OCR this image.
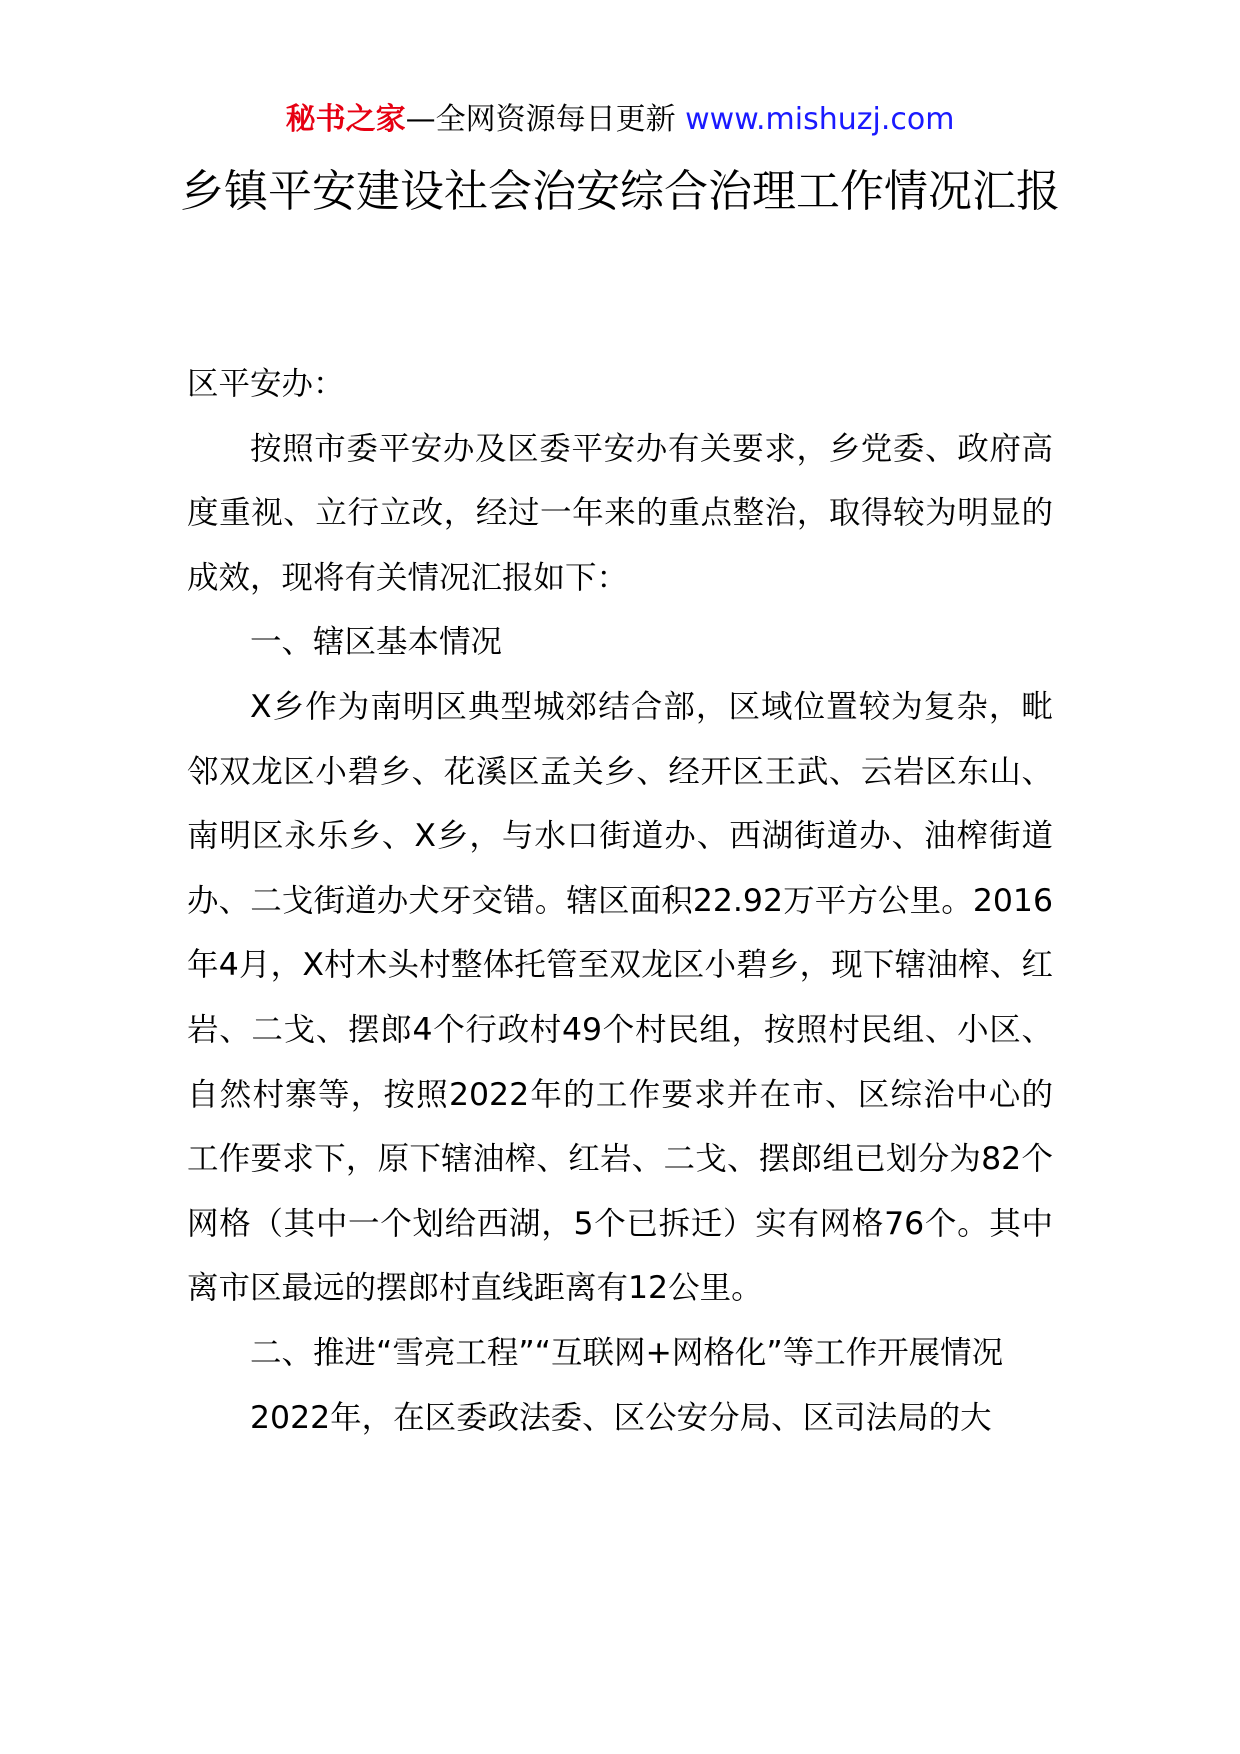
秘书之家—全网资源每日更新 www.mishuzj.com
乡镇平安建设社会治安综合治理工作情况汇报

区平安办：

按照市委平安办及区委平安办有关要求，乡党委、政府高度重视、立行立改，经过一年来的重点整治，取得较为明显的成效，现将有关情况汇报如下：

一、辖区基本情况

X乡作为南明区典型城郊结合部，区域位置较为复杂，毗邻双龙区小碧乡、花溪区孟关乡、经开区王武、云岩区东山、南明区永乐乡、X乡，与水口街道办、西湖街道办、油榨街道办、二戈街道办犬牙交错。辖区面积22.92万平方公里。2016年4月，X村木头村整体托管至双龙区小碧乡，现下辖油榨、红岩、二戈、摆郎4个行政村49个村民组，按照村民组、小区、自然村寨等，按照2022年的工作要求并在市、区综治中心的工作要求下，原下辖油榨、红岩、二戈、摆郎组已划分为82个网格（其中一个划给西湖，5个已拆迁）实有网格76个。其中离市区最远的摆郎村直线距离有12公里。

二、推进“雪亮工程”“互联网+网格化”等工作开展情况

2022年，在区委政法委、区公安分局、区司法局的大
